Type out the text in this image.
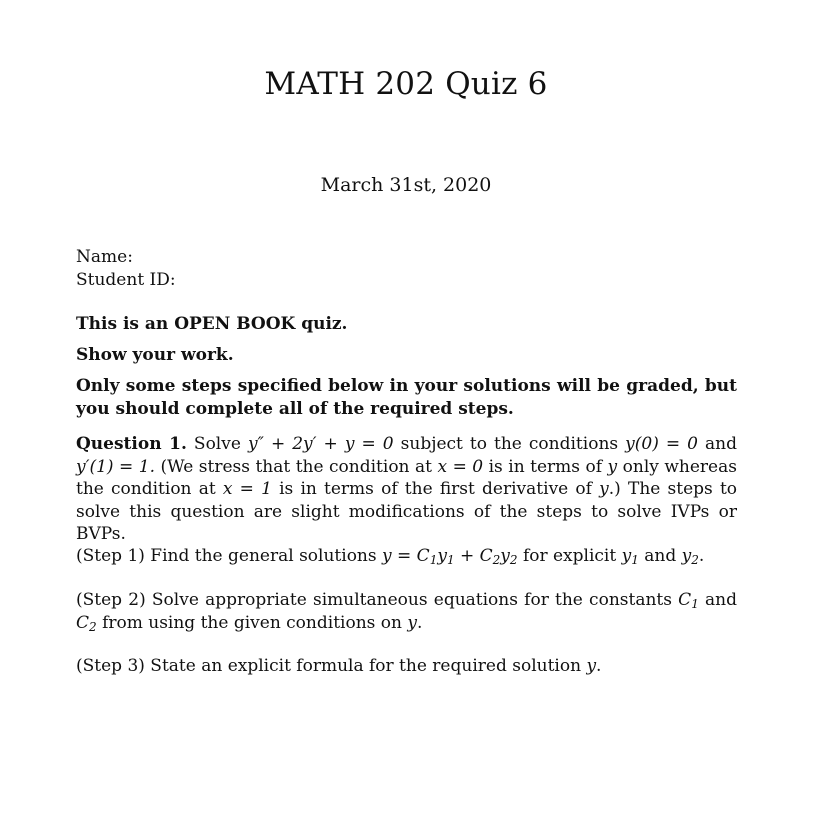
MATH 202 Quiz 6
March 31st, 2020
Name:
Student ID:
This is an OPEN BOOK quiz.
Show your work.
Only some steps specified below in your solutions will be graded, but you should complete all of the required steps.
Question 1. Solve y″ + 2y′ + y = 0 subject to the conditions y(0) = 0 and y′(1) = 1. (We stress that the condition at x = 0 is in terms of y only whereas the condition at x = 1 is in terms of the first derivative of y.) The steps to solve this question are slight modifications of the steps to solve IVPs or BVPs.
(Step 1) Find the general solutions $y = C_1y_1 + C_2y_2$ for explicit $y_1$ and $y_2$.
(Step 2) Solve appropriate simultaneous equations for the constants $C_1$ and $C_2$ from using the given conditions on y.
(Step 3) State an explicit formula for the required solution y.
